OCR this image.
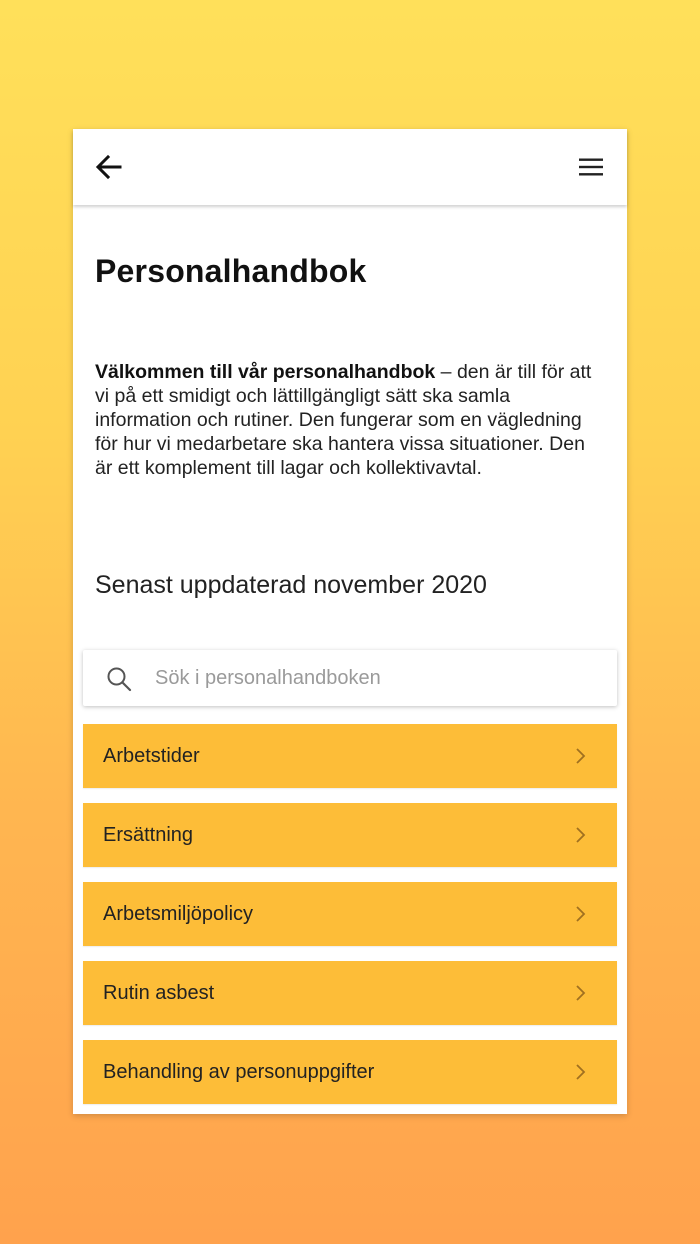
Personalhandbok

Välkommen till vår personalhandbok – den är till för att vi på ett smidigt och lättillgängligt sätt ska samla information och rutiner. Den fungerar som en vägledning för hur vi medarbetare ska hantera vissa situationer. Den är ett komplement till lagar och kollektivavtal.

Senast uppdaterad november 2020

Sök i personalhandboken
Arbetstider
Ersättning
Arbetsmiljöpolicy
Rutin asbest
Behandling av personuppgifter
